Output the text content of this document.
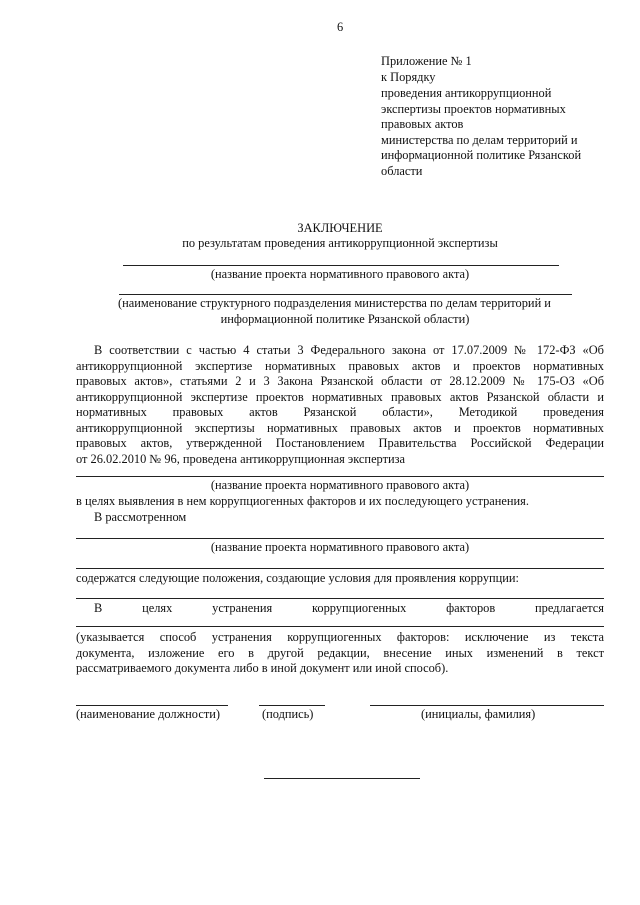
6
Приложение № 1
к Порядку
проведения антикоррупционной
экспертизы проектов нормативных
правовых актов
министерства по делам территорий и
информационной политике Рязанской
области
ЗАКЛЮЧЕНИЕ
по результатам проведения антикоррупционной экспертизы
(название проекта нормативного правового акта)
(наименование структурного подразделения министерства по делам территорий и
информационной политике Рязанской области)
В соответствии с частью 4 статьи 3 Федерального закона от 17.07.2009 № 172-ФЗ «Об
антикоррупционной экспертизе нормативных правовых актов и проектов нормативных
правовых актов», статьями 2 и 3 Закона Рязанской области от 28.12.2009 № 175-ОЗ «Об
антикоррупционной экспертизе проектов нормативных правовых актов Рязанской области и
нормативных правовых актов Рязанской области», Методикой проведения
антикоррупционной экспертизы нормативных правовых актов и проектов нормативных
правовых актов, утвержденной Постановлением Правительства Российской Федерации
от 26.02.2010 № 96, проведена антикоррупционная экспертиза
(название проекта нормативного правового акта)
в целях выявления в нем коррупциогенных факторов и их последующего устранения.
В рассмотренном
(название проекта нормативного правового акта)
содержатся следующие положения, создающие условия для проявления коррупции:
В целях устранения коррупциогенных факторов предлагается
(указывается способ устранения коррупциогенных факторов: исключение из текста
документа, изложение его в другой редакции, внесение иных изменений в текст
рассматриваемого документа либо в иной документ или иной способ).
(наименование должности)	(подпись)	(инициалы, фамилия)
